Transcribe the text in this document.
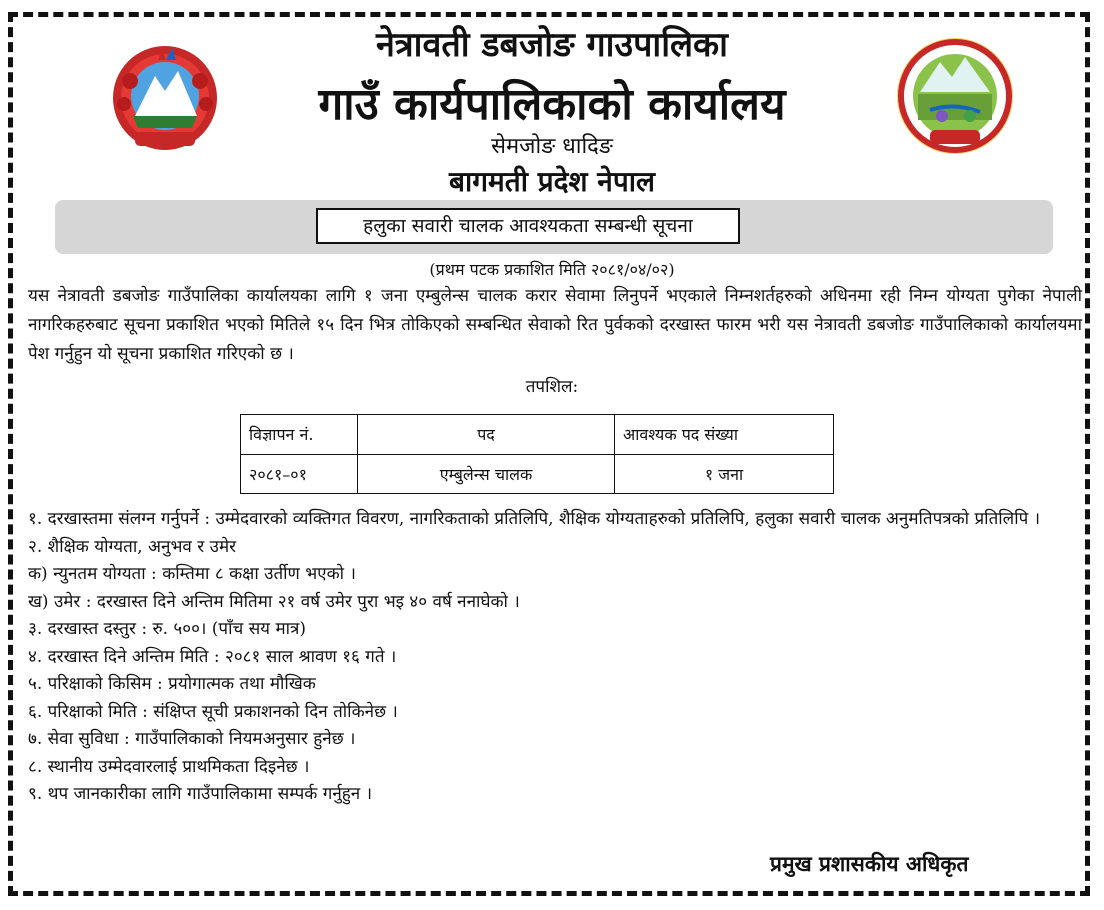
नेत्रावती डबजोङ गाउपालिका
गाउँ कार्यपालिकाको कार्यालय
सेमजोङ धादिङ
बागमती प्रदेश नेपाल
हलुका सवारी चालक आवश्यकता सम्बन्धी सूचना
(प्रथम पटक प्रकाशित मिति २०८१/०४/०२)
यस नेत्रावती डबजोङ गाउँपालिका कार्यालयका लागि १ जना एम्बुलेन्स चालक करार सेवामा लिनुपर्ने भएकाले निम्नशर्तहरुको अधिनमा रही निम्न योग्यता पुगेका नेपाली नागरिकहरुबाट सूचना प्रकाशित भएको मितिले १५ दिन भित्र तोकिएको सम्बन्धित सेवाको रित पुर्वकको दरखास्त फारम भरी यस नेत्रावती डबजोङ गाउँपालिकाको कार्यालयमा पेश गर्नुहुन यो सूचना प्रकाशित गरिएको छ ।
तपशिल:
विज्ञापन नं.	पद	आवश्यक पद संख्या
२०८१–०१	एम्बुलेन्स चालक	१ जना
१. दरखास्तमा संलग्न गर्नुपर्ने : उम्मेदवारको व्यक्तिगत विवरण, नागरिकताको प्रतिलिपि, शैक्षिक योग्यताहरुको प्रतिलिपि, हलुका सवारी चालक अनुमतिपत्रको प्रतिलिपि ।
२. शैक्षिक योग्यता, अनुभव र उमेर
क) न्युनतम योग्यता : कम्तिमा ८ कक्षा उर्तीण भएको ।
ख) उमेर : दरखास्त दिने अन्तिम मितिमा २१ वर्ष उमेर पुरा भइ ४० वर्ष ननाघेको ।
३. दरखास्त दस्तुर : रु. ५००। (पाँच सय मात्र)
४. दरखास्त दिने अन्तिम मिति : २०८१ साल श्रावण १६ गते ।
५. परिक्षाको किसिम : प्रयोगात्मक तथा मौखिक
६. परिक्षाको मिति : संक्षिप्त सूची प्रकाशनको दिन तोकिनेछ ।
७. सेवा सुविधा : गाउँपालिकाको नियमअनुसार हुनेछ ।
८. स्थानीय उम्मेदवारलाई प्राथमिकता दिइनेछ ।
९. थप जानकारीका लागि गाउँपालिकामा सम्पर्क गर्नुहुन ।
प्रमुख प्रशासकीय अधिकृत
